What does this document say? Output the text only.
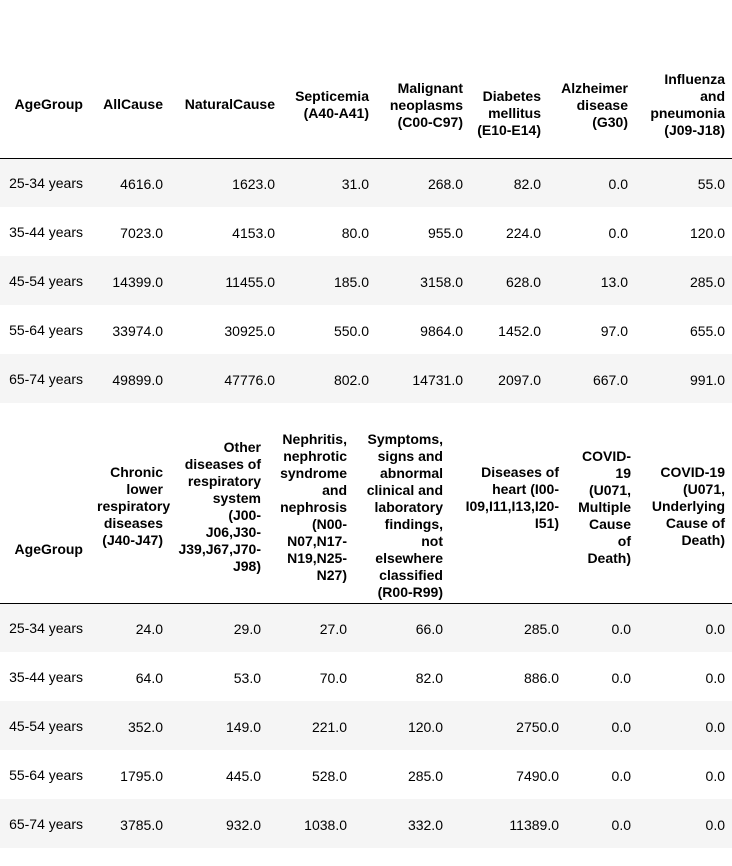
AgeGroup	AllCause	NaturalCause	Septicemia (A40-A41)	Malignant neoplasms (C00-C97)	Diabetes mellitus (E10-E14)	Alzheimer disease (G30)	Influenza and pneumonia (J09-J18)
25-34 years	4616.0	1623.0	31.0	268.0	82.0	0.0	55.0
35-44 years	7023.0	4153.0	80.0	955.0	224.0	0.0	120.0
45-54 years	14399.0	11455.0	185.0	3158.0	628.0	13.0	285.0
55-64 years	33974.0	30925.0	550.0	9864.0	1452.0	97.0	655.0
65-74 years	49899.0	47776.0	802.0	14731.0	2097.0	667.0	991.0
AgeGroup	Chronic lower respiratory diseases (J40-J47)	Other diseases of respiratory system (J00-J06,J30-J39,J67,J70-J98)	Nephritis, nephrotic syndrome and nephrosis (N00-N07,N17-N19,N25-N27)	Symptoms, signs and abnormal clinical and laboratory findings, not elsewhere classified (R00-R99)	Diseases of heart (I00-I09,I11,I13,I20-I51)	COVID-19 (U071, Multiple Cause of Death)	COVID-19 (U071, Underlying Cause of Death)
25-34 years	24.0	29.0	27.0	66.0	285.0	0.0	0.0
35-44 years	64.0	53.0	70.0	82.0	886.0	0.0	0.0
45-54 years	352.0	149.0	221.0	120.0	2750.0	0.0	0.0
55-64 years	1795.0	445.0	528.0	285.0	7490.0	0.0	0.0
65-74 years	3785.0	932.0	1038.0	332.0	11389.0	0.0	0.0
